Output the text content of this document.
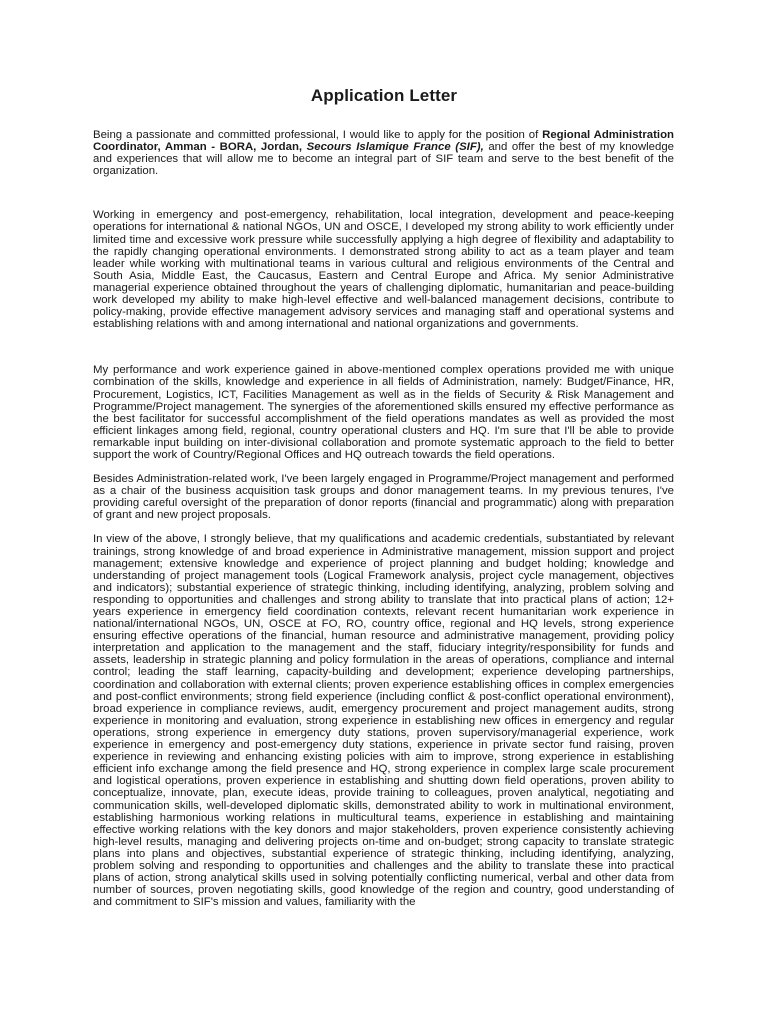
Application Letter

Being a passionate and committed professional, I would like to apply for the position of Regional Administration Coordinator, Amman - BORA, Jordan, Secours Islamique France (SIF), and offer the best of my knowledge and experiences that will allow me to become an integral part of SIF team and serve to the best benefit of the organization.

Working in emergency and post-emergency, rehabilitation, local integration, development and peace-keeping operations for international & national NGOs, UN and OSCE, I developed my strong ability to work efficiently under limited time and excessive work pressure while successfully applying a high degree of flexibility and adaptability to the rapidly changing operational environments. I demonstrated strong ability to act as a team player and team leader while working with multinational teams in various cultural and religious environments of the Central and South Asia, Middle East, the Caucasus, Eastern and Central Europe and Africa. My senior Administrative managerial experience obtained throughout the years of challenging diplomatic, humanitarian and peace-building work developed my ability to make high-level effective and well-balanced management decisions, contribute to policy-making, provide effective management advisory services and managing staff and operational systems and establishing relations with and among international and national organizations and governments.

My performance and work experience gained in above-mentioned complex operations provided me with unique combination of the skills, knowledge and experience in all fields of Administration, namely: Budget/Finance, HR, Procurement, Logistics, ICT, Facilities Management as well as in the fields of Security & Risk Management and Programme/Project management. The synergies of the aforementioned skills ensured my effective performance as the best facilitator for successful accomplishment of the field operations mandates as well as provided the most efficient linkages among field, regional, country operational clusters and HQ. I'm sure that I'll be able to provide remarkable input building on inter-divisional collaboration and promote systematic approach to the field to better support the work of Country/Regional Offices and HQ outreach towards the field operations.

Besides Administration-related work, I've been largely engaged in Programme/Project management and performed as a chair of the business acquisition task groups and donor management teams. In my previous tenures, I've providing careful oversight of the preparation of donor reports (financial and programmatic) along with preparation of grant and new project proposals.

In view of the above, I strongly believe, that my qualifications and academic credentials, substantiated by relevant trainings, strong knowledge of and broad experience in Administrative management, mission support and project management; extensive knowledge and experience of project planning and budget holding; knowledge and understanding of project management tools (Logical Framework analysis, project cycle management, objectives and indicators); substantial experience of strategic thinking, including identifying, analyzing, problem solving and responding to opportunities and challenges and strong ability to translate that into practical plans of action; 12+ years experience in emergency field coordination contexts, relevant recent humanitarian work experience in national/international NGOs, UN, OSCE at FO, RO, country office, regional and HQ levels, strong experience ensuring effective operations of the financial, human resource and administrative management, providing policy interpretation and application to the management and the staff, fiduciary integrity/responsibility for funds and assets, leadership in strategic planning and policy formulation in the areas of operations, compliance and internal control; leading the staff learning, capacity-building and development; experience developing partnerships, coordination and collaboration with external clients; proven experience establishing offices in complex emergencies and post-conflict environments; strong field experience (including conflict & post-conflict operational environment), broad experience in compliance reviews, audit, emergency procurement and project management audits, strong experience in monitoring and evaluation, strong experience in establishing new offices in emergency and regular operations, strong experience in emergency duty stations, proven supervisory/managerial experience, work experience in emergency and post-emergency duty stations, experience in private sector fund raising, proven experience in reviewing and enhancing existing policies with aim to improve, strong experience in establishing efficient info exchange among the field presence and HQ, strong experience in complex large scale procurement and logistical operations, proven experience in establishing and shutting down field operations, proven ability to conceptualize, innovate, plan, execute ideas, provide training to colleagues, proven analytical, negotiating and communication skills, well-developed diplomatic skills, demonstrated ability to work in multinational environment, establishing harmonious working relations in multicultural teams, experience in establishing and maintaining effective working relations with the key donors and major stakeholders, proven experience consistently achieving high-level results, managing and delivering projects on-time and on-budget; strong capacity to translate strategic plans into plans and objectives, substantial experience of strategic thinking, including identifying, analyzing, problem solving and responding to opportunities and challenges and the ability to translate these into practical plans of action, strong analytical skills used in solving potentially conflicting numerical, verbal and other data from number of sources, proven negotiating skills, good knowledge of the region and country, good understanding of and commitment to SIF's mission and values, familiarity with the
